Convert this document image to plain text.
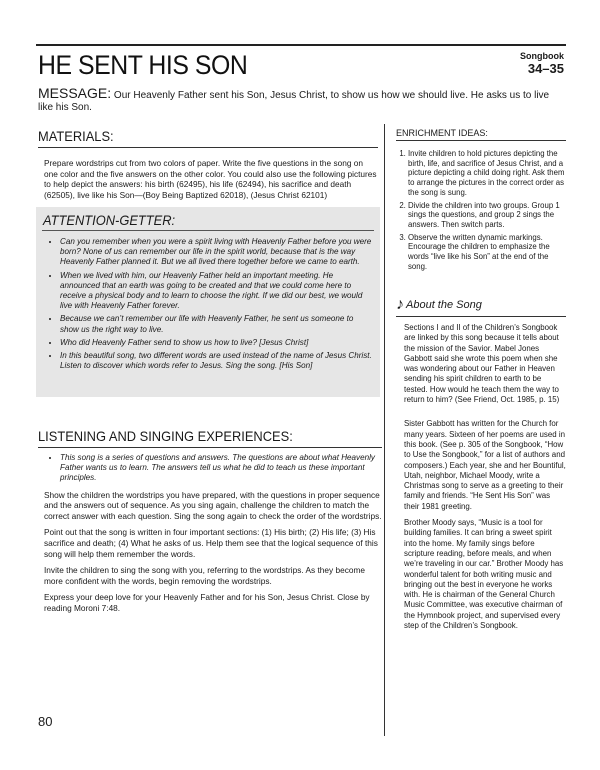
HE SENT HIS SON	Songbook
34–35
MESSAGE: Our Heavenly Father sent his Son, Jesus Christ, to show us how we should live. He asks us to live like his Son.
MATERIALS:

Prepare wordstrips cut from two colors of paper. Write the five questions in the song on one color and the five answers on the other color. You could also use the following pictures to help depict the answers: his birth (62495), his life (62494), his sacrifice and death (62505), live like his Son—(Boy Being Baptized 62018), (Jesus Christ 62101)

ATTENTION-GETTER:
• Can you remember when you were a spirit living with Heavenly Father before you were born? None of us can remember our life in the spirit world, because that is the way Heavenly Father planned it. But we all lived there together before we came to earth.
• When we lived with him, our Heavenly Father held an important meeting. He announced that an earth was going to be created and that we could come here to receive a physical body and to learn to choose the right. If we did our best, we would live with Heavenly Father forever.
• Because we can’t remember our life with Heavenly Father, he sent us someone to show us the right way to live.
• Who did Heavenly Father send to show us how to live? [Jesus Christ]
• In this beautiful song, two different words are used instead of the name of Jesus Christ. Listen to discover which words refer to Jesus. Sing the song. [His Son]
LISTENING AND SINGING EXPERIENCES:
• This song is a series of questions and answers. The questions are about what Heavenly Father wants us to learn. The answers tell us what he did to teach us these important principles.

Show the children the wordstrips you have prepared, with the questions in proper sequence and the answers out of sequence. As you sing again, challenge the children to match the correct answer with each question. Sing the song again to check the order of the wordstrips.

Point out that the song is written in four important sections: (1) His birth; (2) His life; (3) His sacrifice and death; (4) What he asks of us. Help them see that the logical sequence of this song will help them remember the words.

Invite the children to sing the song with you, referring to the wordstrips. As they become more confident with the words, begin removing the wordstrips.

Express your deep love for your Heavenly Father and for his Son, Jesus Christ. Close by reading Moroni 7:48.

ENRICHMENT IDEAS:
1. Invite children to hold pictures depicting the birth, life, and sacrifice of Jesus Christ, and a picture depicting a child doing right. Ask them to arrange the pictures in the correct order as the song is sung.
2. Divide the children into two groups. Group 1 sings the questions, and group 2 sings the answers. Then switch parts.
3. Observe the written dynamic markings. Encourage the children to emphasize the words “live like his Son” at the end of the song.
♪ About the Song

Sections I and II of the Children’s Songbook are linked by this song because it tells about the mission of the Savior. Mabel Jones Gabbott said she wrote this poem when she was wondering about our Father in Heaven sending his spirit children to earth to be tested. How would he teach them the way to return to him? (See Friend, Oct. 1985, p. 15)

Sister Gabbott has written for the Church for many years. Sixteen of her poems are used in this book. (See p. 305 of the Songbook, “How to Use the Songbook,” for a list of authors and composers.) Each year, she and her Bountiful, Utah, neighbor, Michael Moody, write a Christmas song to serve as a greeting to their family and friends. “He Sent His Son” was their 1981 greeting.

Brother Moody says, “Music is a tool for building families. It can bring a sweet spirit into the home. My family sings before scripture reading, before meals, and when we’re traveling in our car.” Brother Moody has wonderful talent for both writing music and bringing out the best in everyone he works with. He is chairman of the General Church Music Committee, was executive chairman of the Hymnbook project, and supervised every step of the Children’s Songbook.

80
